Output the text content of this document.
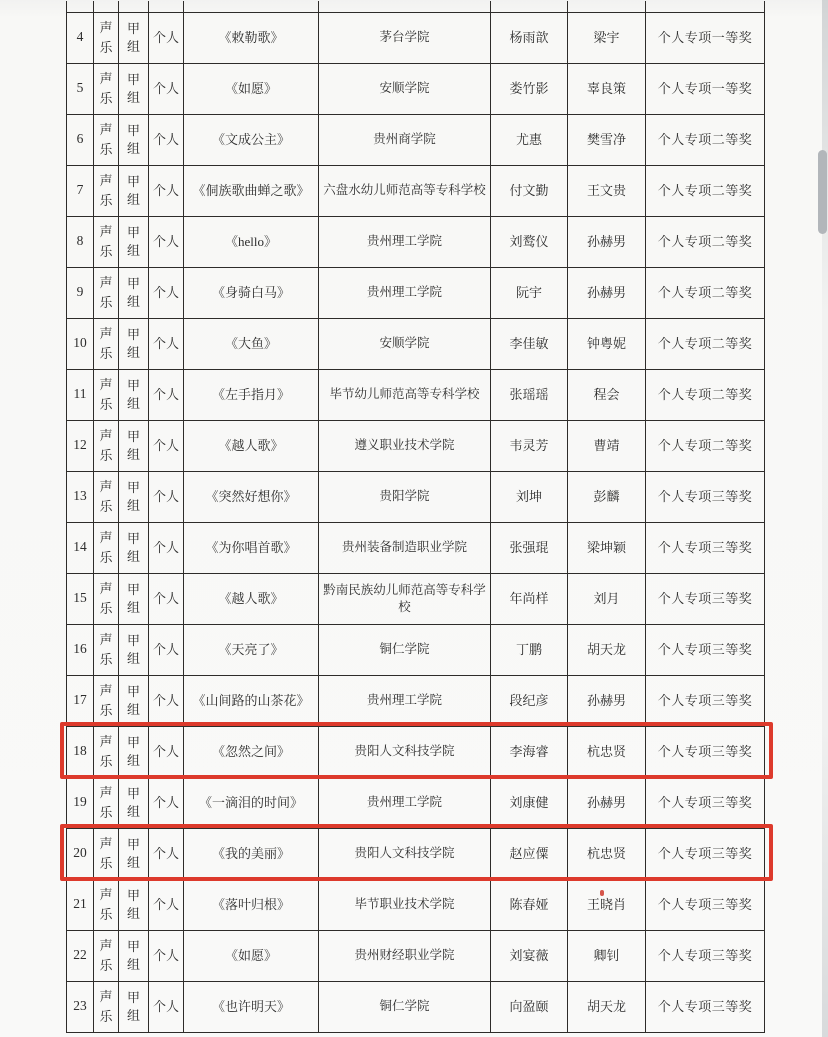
4	声乐	甲组	个人	《敕勒歌》	茅台学院	杨雨歆	梁宇	个人专项一等奖
5	声乐	甲组	个人	《如愿》	安顺学院	娄竹影	辜良策	个人专项一等奖
6	声乐	甲组	个人	《文成公主》	贵州商学院	尤惠	樊雪净	个人专项二等奖
7	声乐	甲组	个人	《侗族歌曲蝉之歌》	六盘水幼儿师范高等专科学校	付文勤	王文贵	个人专项二等奖
8	声乐	甲组	个人	《hello》	贵州理工学院	刘鹜仪	孙赫男	个人专项二等奖
9	声乐	甲组	个人	《身骑白马》	贵州理工学院	阮宇	孙赫男	个人专项二等奖
10	声乐	甲组	个人	《大鱼》	安顺学院	李佳敏	钟粤妮	个人专项二等奖
11	声乐	甲组	个人	《左手指月》	毕节幼儿师范高等专科学校	张瑶瑶	程会	个人专项二等奖
12	声乐	甲组	个人	《越人歌》	遵义职业技术学院	韦灵芳	曹靖	个人专项二等奖
13	声乐	甲组	个人	《突然好想你》	贵阳学院	刘坤	彭麟	个人专项三等奖
14	声乐	甲组	个人	《为你唱首歌》	贵州装备制造职业学院	张强琨	梁坤颖	个人专项三等奖
15	声乐	甲组	个人	《越人歌》	黔南民族幼儿师范高等专科学校	年尚样	刘月	个人专项三等奖
16	声乐	甲组	个人	《天亮了》	铜仁学院	丁鹏	胡天龙	个人专项三等奖
17	声乐	甲组	个人	《山间路的山茶花》	贵州理工学院	段纪彦	孙赫男	个人专项三等奖
18	声乐	甲组	个人	《忽然之间》	贵阳人文科技学院	李海睿	杭忠贤	个人专项三等奖
19	声乐	甲组	个人	《一滴泪的时间》	贵州理工学院	刘康健	孙赫男	个人专项三等奖
20	声乐	甲组	个人	《我的美丽》	贵阳人文科技学院	赵应僳	杭忠贤	个人专项三等奖
21	声乐	甲组	个人	《落叶归根》	毕节职业技术学院	陈春娅	王晓肖	个人专项三等奖
22	声乐	甲组	个人	《如愿》	贵州财经职业学院	刘宴薇	卿钊	个人专项三等奖
23	声乐	甲组	个人	《也许明天》	铜仁学院	向盈颐	胡天龙	个人专项三等奖
